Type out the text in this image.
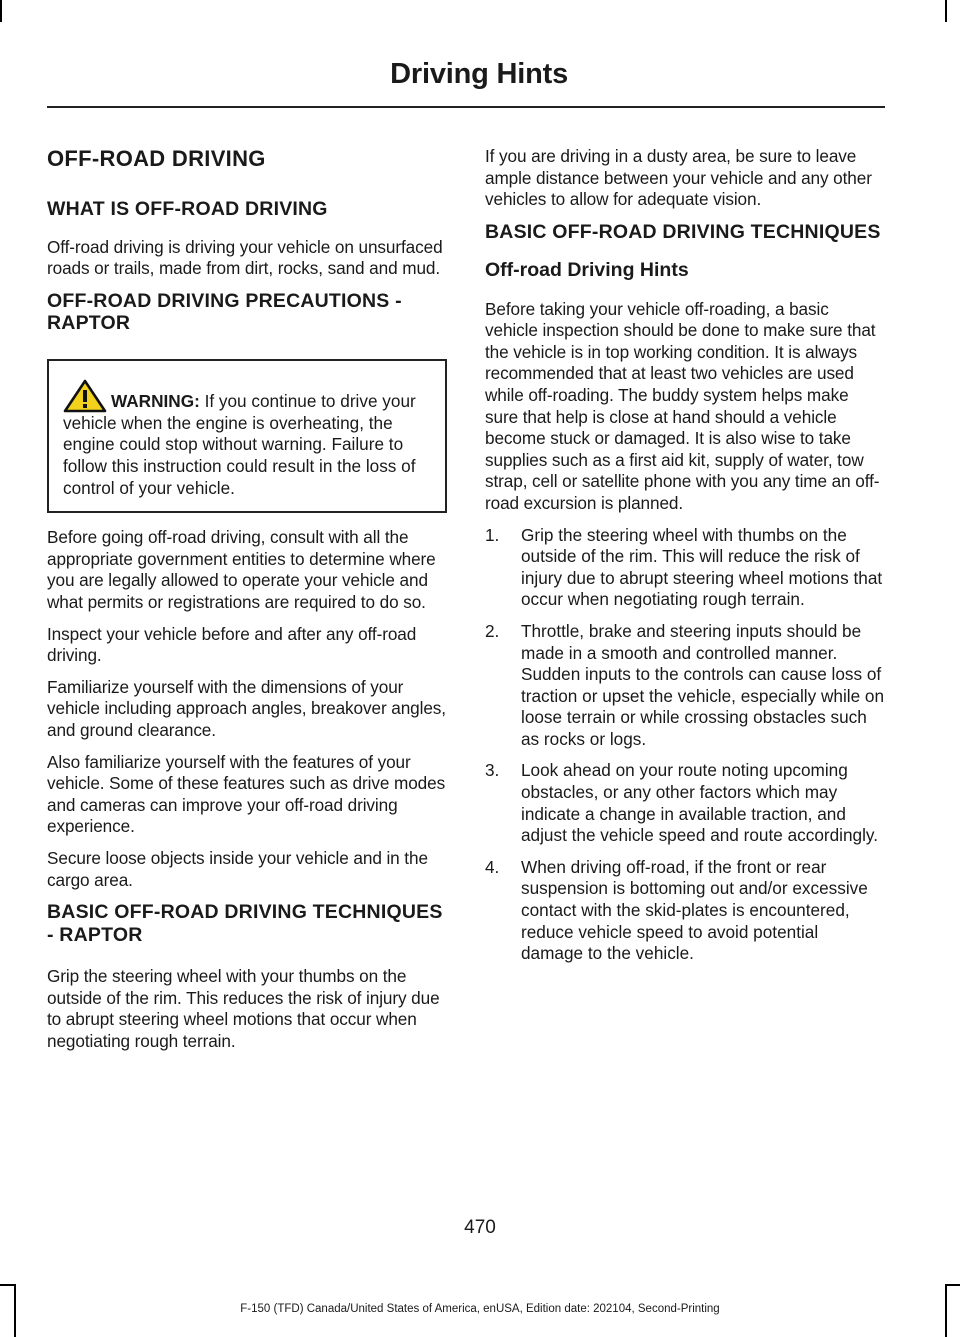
Driving Hints
OFF-ROAD DRIVING
WHAT IS OFF-ROAD DRIVING

Off-road driving is driving your vehicle on unsurfaced roads or trails, made from dirt, rocks, sand and mud.

OFF-ROAD DRIVING PRECAUTIONS - RAPTOR
WARNING: If you continue to drive your vehicle when the engine is overheating, the engine could stop without warning. Failure to follow this instruction could result in the loss of control of your vehicle.

Before going off-road driving, consult with all the appropriate government entities to determine where you are legally allowed to operate your vehicle and what permits or registrations are required to do so.

Inspect your vehicle before and after any off-road driving.

Familiarize yourself with the dimensions of your vehicle including approach angles, breakover angles, and ground clearance.

Also familiarize yourself with the features of your vehicle. Some of these features such as drive modes and cameras can improve your off-road driving experience.

Secure loose objects inside your vehicle and in the cargo area.

BASIC OFF-ROAD DRIVING TECHNIQUES - RAPTOR

Grip the steering wheel with your thumbs on the outside of the rim. This reduces the risk of injury due to abrupt steering wheel motions that occur when negotiating rough terrain.

If you are driving in a dusty area, be sure to leave ample distance between your vehicle and any other vehicles to allow for adequate vision.

BASIC OFF-ROAD DRIVING TECHNIQUES
Off-road Driving Hints

Before taking your vehicle off-roading, a basic vehicle inspection should be done to make sure that the vehicle is in top working condition. It is always recommended that at least two vehicles are used while off-roading. The buddy system helps make sure that help is close at hand should a vehicle become stuck or damaged. It is also wise to take supplies such as a first aid kit, supply of water, tow strap, cell or satellite phone with you any time an off-road excursion is planned.

1. Grip the steering wheel with thumbs on the outside of the rim. This will reduce the risk of injury due to abrupt steering wheel motions that occur when negotiating rough terrain.
2. Throttle, brake and steering inputs should be made in a smooth and controlled manner. Sudden inputs to the controls can cause loss of traction or upset the vehicle, especially while on loose terrain or while crossing obstacles such as rocks or logs.
3. Look ahead on your route noting upcoming obstacles, or any other factors which may indicate a change in available traction, and adjust the vehicle speed and route accordingly.
4. When driving off-road, if the front or rear suspension is bottoming out and/or excessive contact with the skid-plates is encountered, reduce vehicle speed to avoid potential damage to the vehicle.
470
F-150 (TFD) Canada/United States of America, enUSA, Edition date: 202104, Second-Printing
